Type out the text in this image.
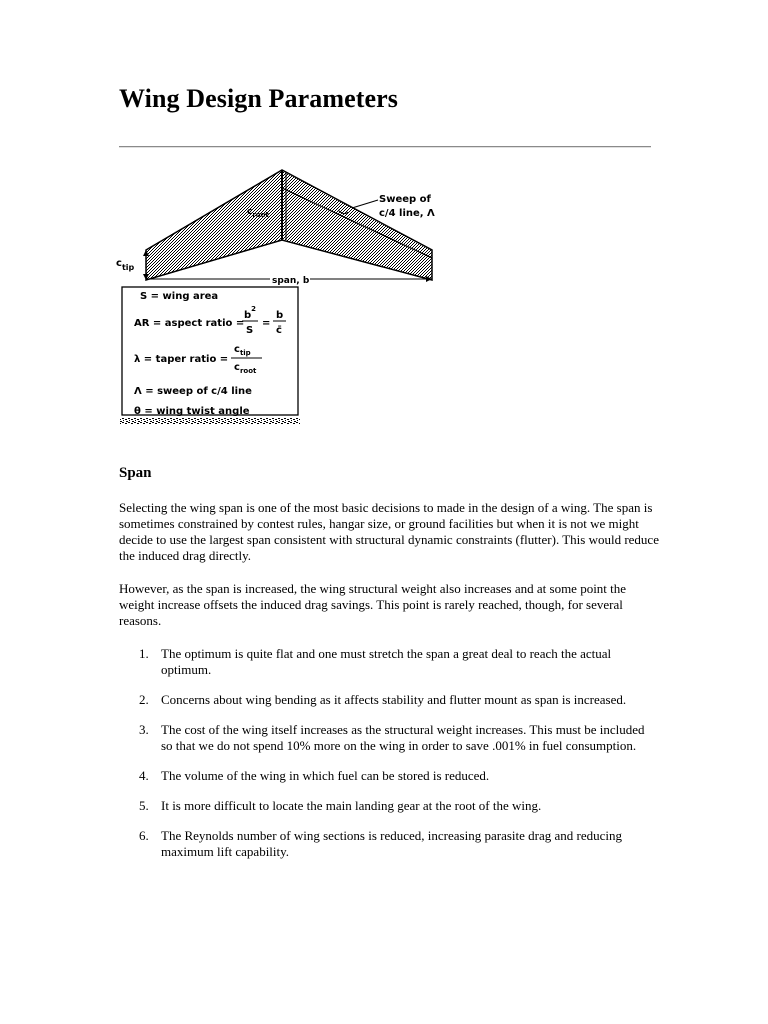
Wing Design Parameters
$c_{root}$
Sweep of
c/4 line, Λ
$c_{tip}$
span, b
S = wing area
AR = aspect ratio =
$b^2$
S
=
b
c̄
λ = taper ratio =
$c_{tip}$
$c_{root}$
Λ = sweep of c/4 line
θ = wing twist angle
Span

Selecting the wing span is one of the most basic decisions to made in the design of a wing. The span is sometimes constrained by contest rules, hangar size, or ground facilities but when it is not we might decide to use the largest span consistent with structural dynamic constraints (flutter). This would reduce the induced drag directly.

However, as the span is increased, the wing structural weight also increases and at some point the weight increase offsets the induced drag savings. This point is rarely reached, though, for several reasons.

1. The optimum is quite flat and one must stretch the span a great deal to reach the actual optimum.
2. Concerns about wing bending as it affects stability and flutter mount as span is increased.
3. The cost of the wing itself increases as the structural weight increases. This must be included so that we do not spend 10% more on the wing in order to save .001% in fuel consumption.
4. The volume of the wing in which fuel can be stored is reduced.
5. It is more difficult to locate the main landing gear at the root of the wing.
6. The Reynolds number of wing sections is reduced, increasing parasite drag and reducing maximum lift capability.
